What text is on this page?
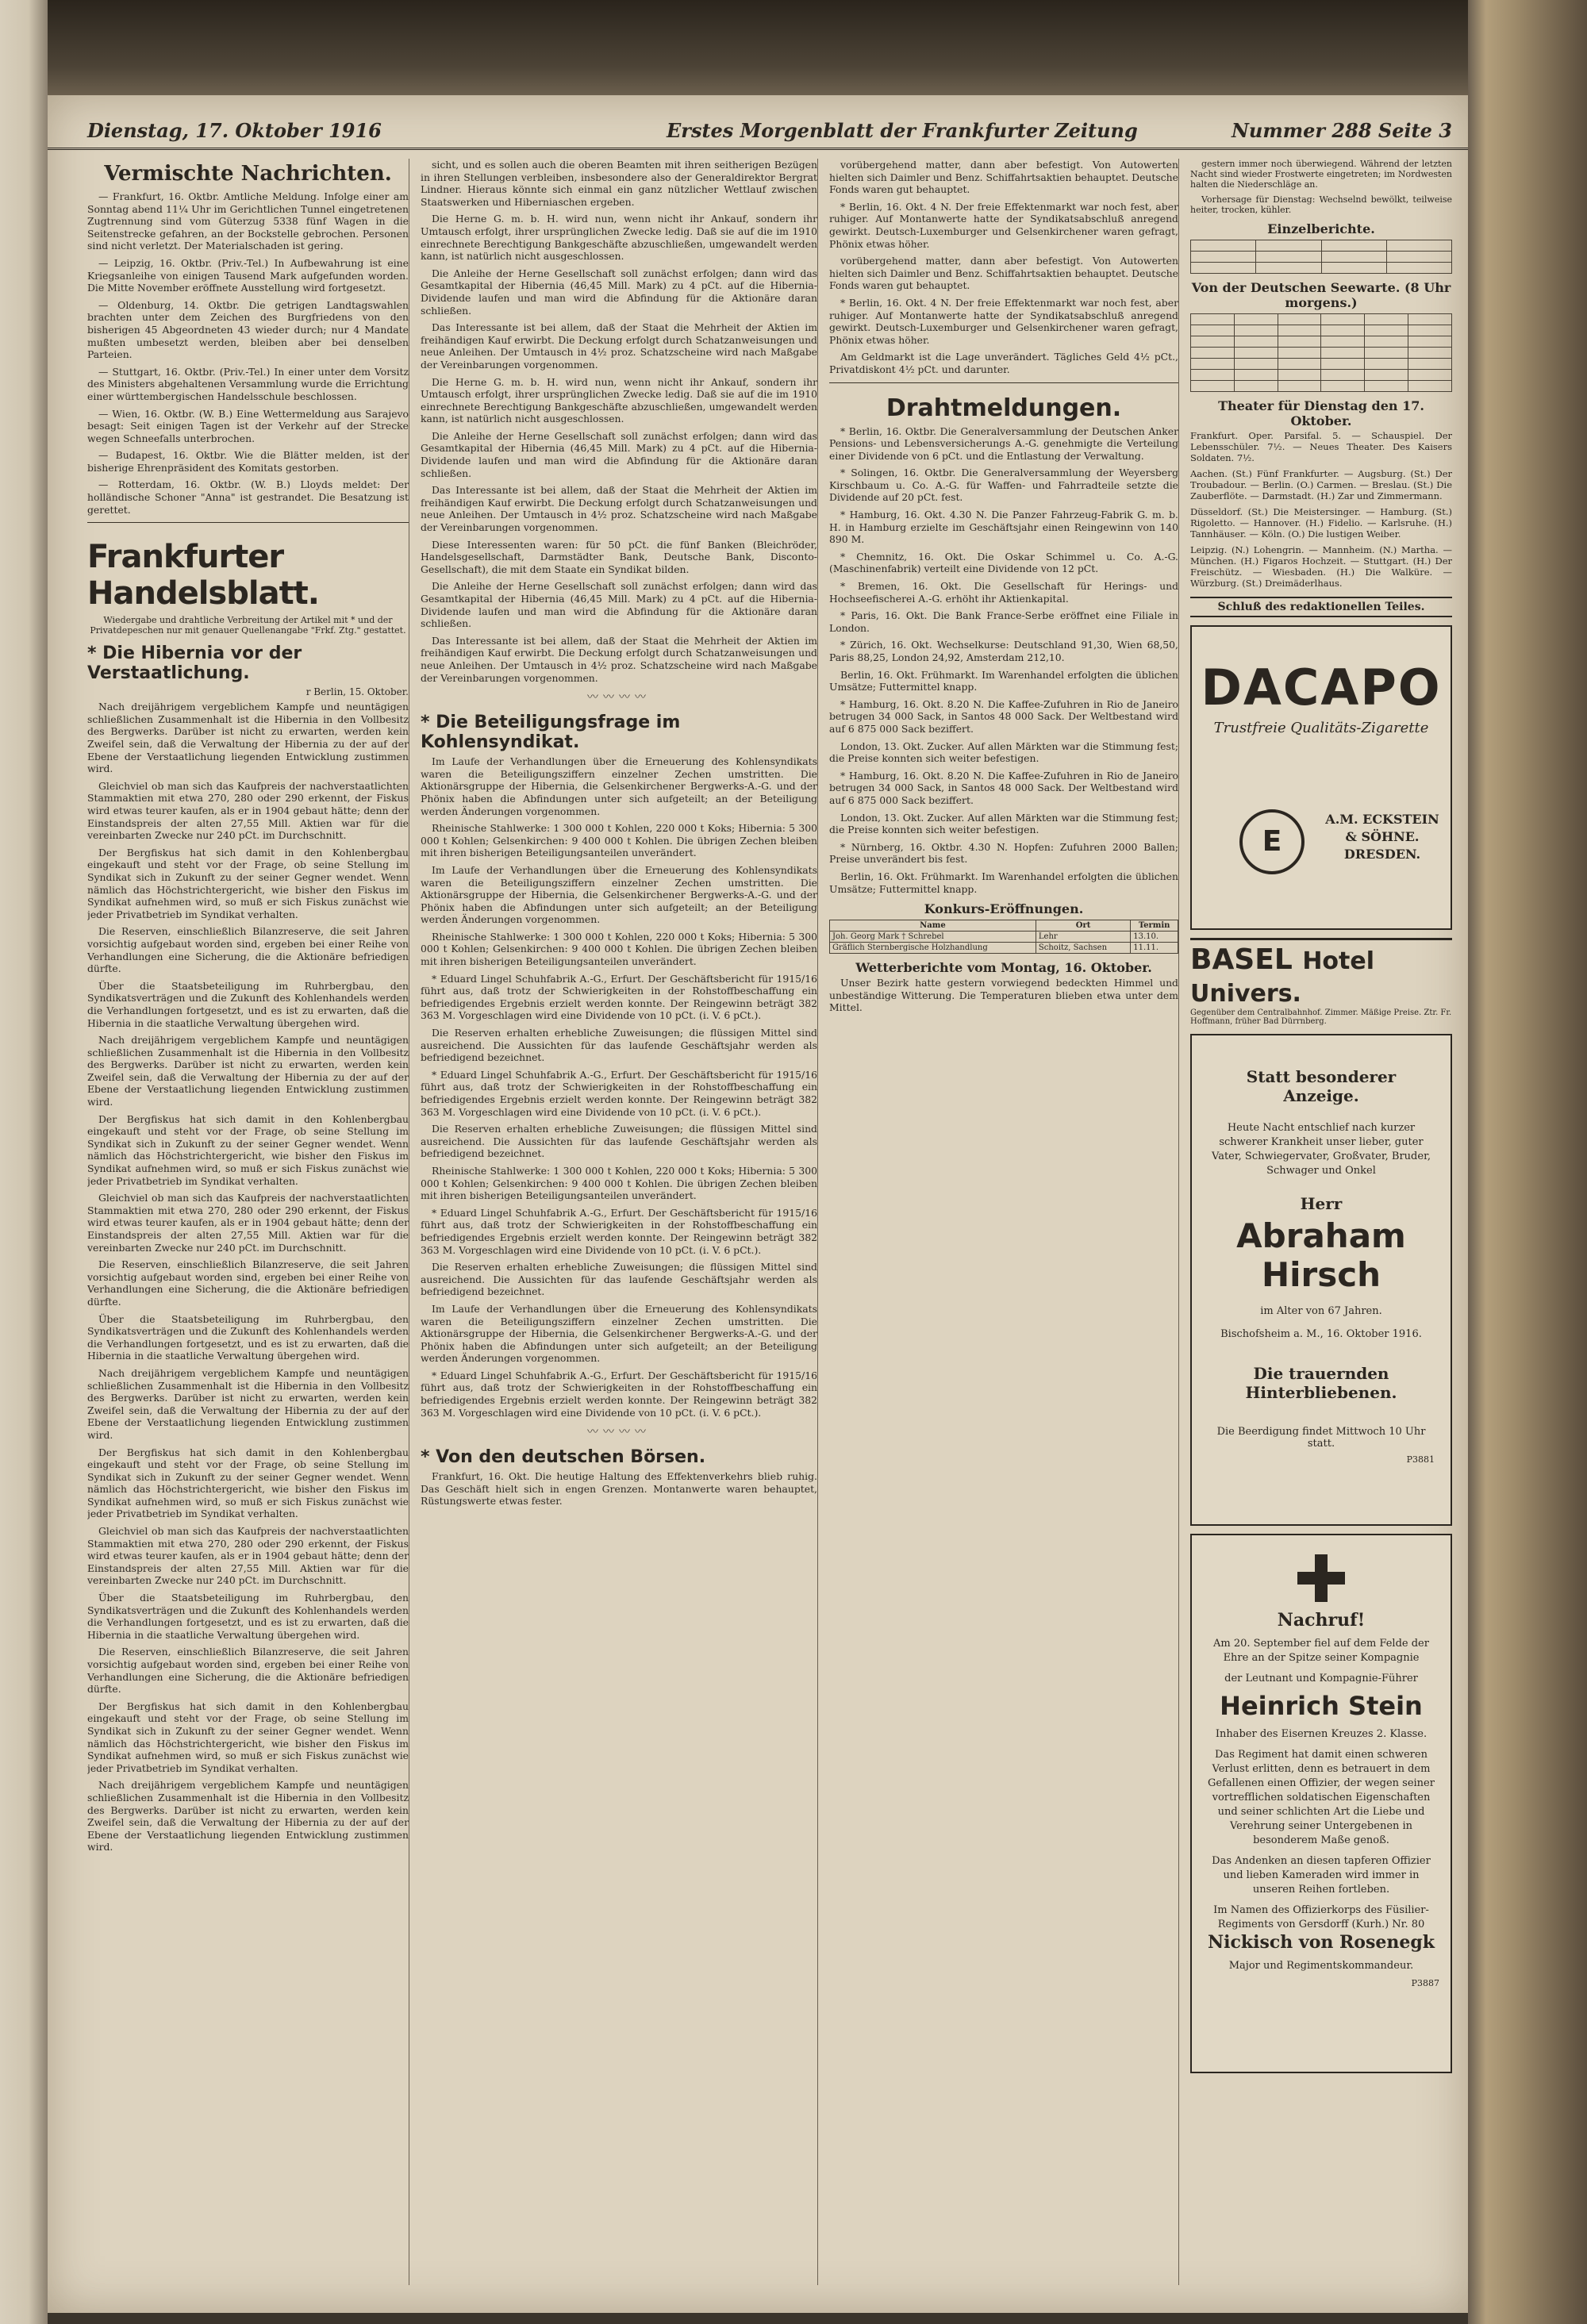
Dienstag, 17. Oktober 1916	Erstes Morgenblatt der Frankfurter Zeitung	Nummer 288 Seite 3
Vermischte Nachrichten.

— Frankfurt, 16. Oktbr. Amtliche Meldung. Infolge einer am Sonntag abend 11¼ Uhr im Gerichtlichen Tunnel eingetretenen Zugtrennung sind vom Güterzug 5338 fünf Wagen in die Seitenstrecke gefahren, an der Bockstelle gebrochen. Personen sind nicht verletzt. Der Materialschaden ist gering.

— Leipzig, 16. Oktbr. (Priv.-Tel.) In Aufbewahrung ist eine Kriegsanleihe von einigen Tausend Mark aufgefunden worden. Die Mitte November eröffnete Ausstellung wird fortgesetzt.

— Oldenburg, 14. Oktbr. Die getrigen Landtagswahlen brachten unter dem Zeichen des Burgfriedens von den bisherigen 45 Abgeordneten 43 wieder durch; nur 4 Mandate mußten umbesetzt werden, bleiben aber bei denselben Parteien.

— Stuttgart, 16. Oktbr. (Priv.-Tel.) In einer unter dem Vorsitz des Ministers abgehaltenen Versammlung wurde die Errichtung einer württembergischen Handelsschule beschlossen.

— Wien, 16. Oktbr. (W. B.) Eine Wettermeldung aus Sarajevo besagt: Seit einigen Tagen ist der Verkehr auf der Strecke wegen Schneefalls unterbrochen.

— Budapest, 16. Oktbr. Wie die Blätter melden, ist der bisherige Ehrenpräsident des Komitats gestorben.

— Rotterdam, 16. Oktbr. (W. B.) Lloyds meldet: Der holländische Schoner "Anna" ist gestrandet. Die Besatzung ist gerettet.

Frankfurter Handelsblatt.
Wiedergabe und drahtliche Verbreitung der Artikel mit * und der Privatdepeschen nur mit genauer Quellenangabe "Frkf. Ztg." gestattet.
* Die Hibernia vor der Verstaatlichung.
r Berlin, 15. Oktober.

Nach dreijährigem vergeblichem Kampfe und neuntägigen schließlichen Zusammenhalt ist die Hibernia in den Vollbesitz des Bergwerks. Darüber ist nicht zu erwarten, werden kein Zweifel sein, daß die Verwaltung der Hibernia zu der auf der Ebene der Verstaatlichung liegenden Entwicklung zustimmen wird.

Gleichviel ob man sich das Kaufpreis der nachverstaatlichten Stammaktien mit etwa 270, 280 oder 290 erkennt, der Fiskus wird etwas teurer kaufen, als er in 1904 gebaut hätte; denn der Einstandspreis der alten 27,55 Mill. Aktien war für die vereinbarten Zwecke nur 240 pCt. im Durchschnitt.

Der Bergfiskus hat sich damit in den Kohlenbergbau eingekauft und steht vor der Frage, ob seine Stellung im Syndikat sich in Zukunft zu der seiner Gegner wendet. Wenn nämlich das Höchstrichtergericht, wie bisher den Fiskus im Syndikat aufnehmen wird, so muß er sich Fiskus zunächst wie jeder Privatbetrieb im Syndikat verhalten.

Die Reserven, einschließlich Bilanzreserve, die seit Jahren vorsichtig aufgebaut worden sind, ergeben bei einer Reihe von Verhandlungen eine Sicherung, die die Aktionäre befriedigen dürfte.

Über die Staatsbeteiligung im Ruhrbergbau, den Syndikatsverträgen und die Zukunft des Kohlenhandels werden die Verhandlungen fortgesetzt, und es ist zu erwarten, daß die Hibernia in die staatliche Verwaltung übergehen wird.

Nach dreijährigem vergeblichem Kampfe und neuntägigen schließlichen Zusammenhalt ist die Hibernia in den Vollbesitz des Bergwerks. Darüber ist nicht zu erwarten, werden kein Zweifel sein, daß die Verwaltung der Hibernia zu der auf der Ebene der Verstaatlichung liegenden Entwicklung zustimmen wird.

Der Bergfiskus hat sich damit in den Kohlenbergbau eingekauft und steht vor der Frage, ob seine Stellung im Syndikat sich in Zukunft zu der seiner Gegner wendet. Wenn nämlich das Höchstrichtergericht, wie bisher den Fiskus im Syndikat aufnehmen wird, so muß er sich Fiskus zunächst wie jeder Privatbetrieb im Syndikat verhalten.

Gleichviel ob man sich das Kaufpreis der nachverstaatlichten Stammaktien mit etwa 270, 280 oder 290 erkennt, der Fiskus wird etwas teurer kaufen, als er in 1904 gebaut hätte; denn der Einstandspreis der alten 27,55 Mill. Aktien war für die vereinbarten Zwecke nur 240 pCt. im Durchschnitt.

Die Reserven, einschließlich Bilanzreserve, die seit Jahren vorsichtig aufgebaut worden sind, ergeben bei einer Reihe von Verhandlungen eine Sicherung, die die Aktionäre befriedigen dürfte.

Über die Staatsbeteiligung im Ruhrbergbau, den Syndikatsverträgen und die Zukunft des Kohlenhandels werden die Verhandlungen fortgesetzt, und es ist zu erwarten, daß die Hibernia in die staatliche Verwaltung übergehen wird.

Nach dreijährigem vergeblichem Kampfe und neuntägigen schließlichen Zusammenhalt ist die Hibernia in den Vollbesitz des Bergwerks. Darüber ist nicht zu erwarten, werden kein Zweifel sein, daß die Verwaltung der Hibernia zu der auf der Ebene der Verstaatlichung liegenden Entwicklung zustimmen wird.

Der Bergfiskus hat sich damit in den Kohlenbergbau eingekauft und steht vor der Frage, ob seine Stellung im Syndikat sich in Zukunft zu der seiner Gegner wendet. Wenn nämlich das Höchstrichtergericht, wie bisher den Fiskus im Syndikat aufnehmen wird, so muß er sich Fiskus zunächst wie jeder Privatbetrieb im Syndikat verhalten.

Gleichviel ob man sich das Kaufpreis der nachverstaatlichten Stammaktien mit etwa 270, 280 oder 290 erkennt, der Fiskus wird etwas teurer kaufen, als er in 1904 gebaut hätte; denn der Einstandspreis der alten 27,55 Mill. Aktien war für die vereinbarten Zwecke nur 240 pCt. im Durchschnitt.

Über die Staatsbeteiligung im Ruhrbergbau, den Syndikatsverträgen und die Zukunft des Kohlenhandels werden die Verhandlungen fortgesetzt, und es ist zu erwarten, daß die Hibernia in die staatliche Verwaltung übergehen wird.

Die Reserven, einschließlich Bilanzreserve, die seit Jahren vorsichtig aufgebaut worden sind, ergeben bei einer Reihe von Verhandlungen eine Sicherung, die die Aktionäre befriedigen dürfte.

Der Bergfiskus hat sich damit in den Kohlenbergbau eingekauft und steht vor der Frage, ob seine Stellung im Syndikat sich in Zukunft zu der seiner Gegner wendet. Wenn nämlich das Höchstrichtergericht, wie bisher den Fiskus im Syndikat aufnehmen wird, so muß er sich Fiskus zunächst wie jeder Privatbetrieb im Syndikat verhalten.

Nach dreijährigem vergeblichem Kampfe und neuntägigen schließlichen Zusammenhalt ist die Hibernia in den Vollbesitz des Bergwerks. Darüber ist nicht zu erwarten, werden kein Zweifel sein, daß die Verwaltung der Hibernia zu der auf der Ebene der Verstaatlichung liegenden Entwicklung zustimmen wird.

sicht, und es sollen auch die oberen Beamten mit ihren seitherigen Bezügen in ihren Stellungen verbleiben, insbesondere also der Generaldirektor Bergrat Lindner. Hieraus könnte sich einmal ein ganz nützlicher Wettlauf zwischen Staatswerken und Hiberniaschen ergeben.

Die Herne G. m. b. H. wird nun, wenn nicht ihr Ankauf, sondern ihr Umtausch erfolgt, ihrer ursprünglichen Zwecke ledig. Daß sie auf die im 1910 einrechnete Berechtigung Bankgeschäfte abzuschließen, umgewandelt werden kann, ist natürlich nicht ausgeschlossen.

Die Anleihe der Herne Gesellschaft soll zunächst erfolgen; dann wird das Gesamtkapital der Hibernia (46,45 Mill. Mark) zu 4 pCt. auf die Hibernia-Dividende laufen und man wird die Abfindung für die Aktionäre daran schließen.

Das Interessante ist bei allem, daß der Staat die Mehrheit der Aktien im freihändigen Kauf erwirbt. Die Deckung erfolgt durch Schatzanweisungen und neue Anleihen. Der Umtausch in 4½ proz. Schatzscheine wird nach Maßgabe der Vereinbarungen vorgenommen.

Die Herne G. m. b. H. wird nun, wenn nicht ihr Ankauf, sondern ihr Umtausch erfolgt, ihrer ursprünglichen Zwecke ledig. Daß sie auf die im 1910 einrechnete Berechtigung Bankgeschäfte abzuschließen, umgewandelt werden kann, ist natürlich nicht ausgeschlossen.

Die Anleihe der Herne Gesellschaft soll zunächst erfolgen; dann wird das Gesamtkapital der Hibernia (46,45 Mill. Mark) zu 4 pCt. auf die Hibernia-Dividende laufen und man wird die Abfindung für die Aktionäre daran schließen.

Das Interessante ist bei allem, daß der Staat die Mehrheit der Aktien im freihändigen Kauf erwirbt. Die Deckung erfolgt durch Schatzanweisungen und neue Anleihen. Der Umtausch in 4½ proz. Schatzscheine wird nach Maßgabe der Vereinbarungen vorgenommen.

Diese Interessenten waren: für 50 pCt. die fünf Banken (Bleichröder, Handelsgesellschaft, Darmstädter Bank, Deutsche Bank, Disconto-Gesellschaft), die mit dem Staate ein Syndikat bilden.

Die Anleihe der Herne Gesellschaft soll zunächst erfolgen; dann wird das Gesamtkapital der Hibernia (46,45 Mill. Mark) zu 4 pCt. auf die Hibernia-Dividende laufen und man wird die Abfindung für die Aktionäre daran schließen.

Das Interessante ist bei allem, daß der Staat die Mehrheit der Aktien im freihändigen Kauf erwirbt. Die Deckung erfolgt durch Schatzanweisungen und neue Anleihen. Der Umtausch in 4½ proz. Schatzscheine wird nach Maßgabe der Vereinbarungen vorgenommen.

〰〰〰〰
* Die Beteiligungsfrage im Kohlensyndikat.

Im Laufe der Verhandlungen über die Erneuerung des Kohlensyndikats waren die Beteiligungsziffern einzelner Zechen umstritten. Die Aktionärsgruppe der Hibernia, die Gelsenkirchener Bergwerks-A.-G. und der Phönix haben die Abfindungen unter sich aufgeteilt; an der Beteiligung werden Änderungen vorgenommen.

Rheinische Stahlwerke: 1 300 000 t Kohlen, 220 000 t Koks; Hibernia: 5 300 000 t Kohlen; Gelsenkirchen: 9 400 000 t Kohlen. Die übrigen Zechen bleiben mit ihren bisherigen Beteiligungsanteilen unverändert.

Im Laufe der Verhandlungen über die Erneuerung des Kohlensyndikats waren die Beteiligungsziffern einzelner Zechen umstritten. Die Aktionärsgruppe der Hibernia, die Gelsenkirchener Bergwerks-A.-G. und der Phönix haben die Abfindungen unter sich aufgeteilt; an der Beteiligung werden Änderungen vorgenommen.

Rheinische Stahlwerke: 1 300 000 t Kohlen, 220 000 t Koks; Hibernia: 5 300 000 t Kohlen; Gelsenkirchen: 9 400 000 t Kohlen. Die übrigen Zechen bleiben mit ihren bisherigen Beteiligungsanteilen unverändert.

* Eduard Lingel Schuhfabrik A.-G., Erfurt. Der Geschäftsbericht für 1915/16 führt aus, daß trotz der Schwierigkeiten in der Rohstoffbeschaffung ein befriedigendes Ergebnis erzielt werden konnte. Der Reingewinn beträgt 382 363 M. Vorgeschlagen wird eine Dividende von 10 pCt. (i. V. 6 pCt.).

Die Reserven erhalten erhebliche Zuweisungen; die flüssigen Mittel sind ausreichend. Die Aussichten für das laufende Geschäftsjahr werden als befriedigend bezeichnet.

* Eduard Lingel Schuhfabrik A.-G., Erfurt. Der Geschäftsbericht für 1915/16 führt aus, daß trotz der Schwierigkeiten in der Rohstoffbeschaffung ein befriedigendes Ergebnis erzielt werden konnte. Der Reingewinn beträgt 382 363 M. Vorgeschlagen wird eine Dividende von 10 pCt. (i. V. 6 pCt.).

Die Reserven erhalten erhebliche Zuweisungen; die flüssigen Mittel sind ausreichend. Die Aussichten für das laufende Geschäftsjahr werden als befriedigend bezeichnet.

Rheinische Stahlwerke: 1 300 000 t Kohlen, 220 000 t Koks; Hibernia: 5 300 000 t Kohlen; Gelsenkirchen: 9 400 000 t Kohlen. Die übrigen Zechen bleiben mit ihren bisherigen Beteiligungsanteilen unverändert.

* Eduard Lingel Schuhfabrik A.-G., Erfurt. Der Geschäftsbericht für 1915/16 führt aus, daß trotz der Schwierigkeiten in der Rohstoffbeschaffung ein befriedigendes Ergebnis erzielt werden konnte. Der Reingewinn beträgt 382 363 M. Vorgeschlagen wird eine Dividende von 10 pCt. (i. V. 6 pCt.).

Die Reserven erhalten erhebliche Zuweisungen; die flüssigen Mittel sind ausreichend. Die Aussichten für das laufende Geschäftsjahr werden als befriedigend bezeichnet.

Im Laufe der Verhandlungen über die Erneuerung des Kohlensyndikats waren die Beteiligungsziffern einzelner Zechen umstritten. Die Aktionärsgruppe der Hibernia, die Gelsenkirchener Bergwerks-A.-G. und der Phönix haben die Abfindungen unter sich aufgeteilt; an der Beteiligung werden Änderungen vorgenommen.

* Eduard Lingel Schuhfabrik A.-G., Erfurt. Der Geschäftsbericht für 1915/16 führt aus, daß trotz der Schwierigkeiten in der Rohstoffbeschaffung ein befriedigendes Ergebnis erzielt werden konnte. Der Reingewinn beträgt 382 363 M. Vorgeschlagen wird eine Dividende von 10 pCt. (i. V. 6 pCt.).

〰〰〰〰
* Von den deutschen Börsen.

Frankfurt, 16. Okt. Die heutige Haltung des Effektenverkehrs blieb ruhig. Das Geschäft hielt sich in engen Grenzen. Montanwerte waren behauptet, Rüstungswerte etwas fester.

vorübergehend matter, dann aber befestigt. Von Autowerten hielten sich Daimler und Benz. Schiffahrtsaktien behauptet. Deutsche Fonds waren gut behauptet.

* Berlin, 16. Okt. 4 N. Der freie Effektenmarkt war noch fest, aber ruhiger. Auf Montanwerte hatte der Syndikatsabschluß anregend gewirkt. Deutsch-Luxemburger und Gelsenkirchener waren gefragt, Phönix etwas höher.

vorübergehend matter, dann aber befestigt. Von Autowerten hielten sich Daimler und Benz. Schiffahrtsaktien behauptet. Deutsche Fonds waren gut behauptet.

* Berlin, 16. Okt. 4 N. Der freie Effektenmarkt war noch fest, aber ruhiger. Auf Montanwerte hatte der Syndikatsabschluß anregend gewirkt. Deutsch-Luxemburger und Gelsenkirchener waren gefragt, Phönix etwas höher.

Am Geldmarkt ist die Lage unverändert. Tägliches Geld 4½ pCt., Privatdiskont 4½ pCt. und darunter.

Drahtmeldungen.

* Berlin, 16. Oktbr. Die Generalversammlung der Deutschen Anker Pensions- und Lebensversicherungs A.-G. genehmigte die Verteilung einer Dividende von 6 pCt. und die Entlastung der Verwaltung.

* Solingen, 16. Oktbr. Die Generalversammlung der Weyersberg Kirschbaum u. Co. A.-G. für Waffen- und Fahrradteile setzte die Dividende auf 20 pCt. fest.

* Hamburg, 16. Okt. 4.30 N. Die Panzer Fahrzeug-Fabrik G. m. b. H. in Hamburg erzielte im Geschäftsjahr einen Reingewinn von 140 890 M.

* Chemnitz, 16. Okt. Die Oskar Schimmel u. Co. A.-G. (Maschinenfabrik) verteilt eine Dividende von 12 pCt.

* Bremen, 16. Okt. Die Gesellschaft für Herings- und Hochseefischerei A.-G. erhöht ihr Aktienkapital.

* Paris, 16. Okt. Die Bank France-Serbe eröffnet eine Filiale in London.

* Zürich, 16. Okt. Wechselkurse: Deutschland 91,30, Wien 68,50, Paris 88,25, London 24,92, Amsterdam 212,10.

Berlin, 16. Okt. Frühmarkt. Im Warenhandel erfolgten die üblichen Umsätze; Futtermittel knapp.

* Hamburg, 16. Okt. 8.20 N. Die Kaffee-Zufuhren in Rio de Janeiro betrugen 34 000 Sack, in Santos 48 000 Sack. Der Weltbestand wird auf 6 875 000 Sack beziffert.

London, 13. Okt. Zucker. Auf allen Märkten war die Stimmung fest; die Preise konnten sich weiter befestigen.

* Hamburg, 16. Okt. 8.20 N. Die Kaffee-Zufuhren in Rio de Janeiro betrugen 34 000 Sack, in Santos 48 000 Sack. Der Weltbestand wird auf 6 875 000 Sack beziffert.

London, 13. Okt. Zucker. Auf allen Märkten war die Stimmung fest; die Preise konnten sich weiter befestigen.

* Nürnberg, 16. Oktbr. 4.30 N. Hopfen: Zufuhren 2000 Ballen; Preise unverändert bis fest.

Berlin, 16. Okt. Frühmarkt. Im Warenhandel erfolgten die üblichen Umsätze; Futtermittel knapp.

Konkurs-Eröffnungen.
Name	Ort	Termin
Joh. Georg Mark † Schrebel	Lehr	13.10.
Gräflich Sternbergische Holzhandlung	Schoitz, Sachsen	11.11.
Wetterberichte vom Montag, 16. Oktober.

Unser Bezirk hatte gestern vorwiegend bedeckten Himmel und unbeständige Witterung. Die Temperaturen blieben etwa unter dem Mittel.

gestern immer noch überwiegend. Während der letzten Nacht sind wieder Frostwerte eingetreten; im Nordwesten halten die Niederschläge an.

Vorhersage für Dienstag: Wechselnd bewölkt, teilweise heiter, trocken, kühler.

Einzelberichte.

Von der Deutschen Seewarte. (8 Uhr morgens.)

Theater für Dienstag den 17. Oktober.

Frankfurt. Oper. Parsifal. 5. — Schauspiel. Der Lebensschüler. 7½. — Neues Theater. Des Kaisers Soldaten. 7½.

Aachen. (St.) Fünf Frankfurter. — Augsburg. (St.) Der Troubadour. — Berlin. (O.) Carmen. — Breslau. (St.) Die Zauberflöte. — Darmstadt. (H.) Zar und Zimmermann.

Düsseldorf. (St.) Die Meistersinger. — Hamburg. (St.) Rigoletto. — Hannover. (H.) Fidelio. — Karlsruhe. (H.) Tannhäuser. — Köln. (O.) Die lustigen Weiber.

Leipzig. (N.) Lohengrin. — Mannheim. (N.) Martha. — München. (H.) Figaros Hochzeit. — Stuttgart. (H.) Der Freischütz. — Wiesbaden. (H.) Die Walküre. — Würzburg. (St.) Dreimäderlhaus.

Schluß des redaktionellen Teiles.
DACAPO
Trustfreie Qualitäts-Zigarette
E
A.M. ECKSTEIN & SÖHNE. DRESDEN.
BASEL Hotel Univers.
Gegenüber dem Centralbahnhof. Zimmer. Mäßige Preise. Ztr. Fr. Hoffmann, früher Bad Dürrnberg.
Statt besonderer Anzeige.
Heute Nacht entschlief nach kurzer schwerer Krankheit unser lieber, guter Vater, Schwiegervater, Großvater, Bruder, Schwager und Onkel
Herr
Abraham Hirsch
im Alter von 67 Jahren.
Bischofsheim a. M., 16. Oktober 1916.
Die trauernden Hinterbliebenen.
Die Beerdigung findet Mittwoch 10 Uhr statt.
P3881
Nachruf!
Am 20. September fiel auf dem Felde der Ehre an der Spitze seiner Kompagnie
der Leutnant und Kompagnie-Führer
Heinrich Stein
Inhaber des Eisernen Kreuzes 2. Klasse.
Das Regiment hat damit einen schweren Verlust erlitten, denn es betrauert in dem Gefallenen einen Offizier, der wegen seiner vortrefflichen soldatischen Eigenschaften und seiner schlichten Art die Liebe und Verehrung seiner Untergebenen in besonderem Maße genoß.
Das Andenken an diesen tapferen Offizier und lieben Kameraden wird immer in unseren Reihen fortleben.
Im Namen des Offizierkorps des Füsilier-Regiments von Gersdorff (Kurh.) Nr. 80
Nickisch von Rosenegk
Major und Regimentskommandeur.
P3887
